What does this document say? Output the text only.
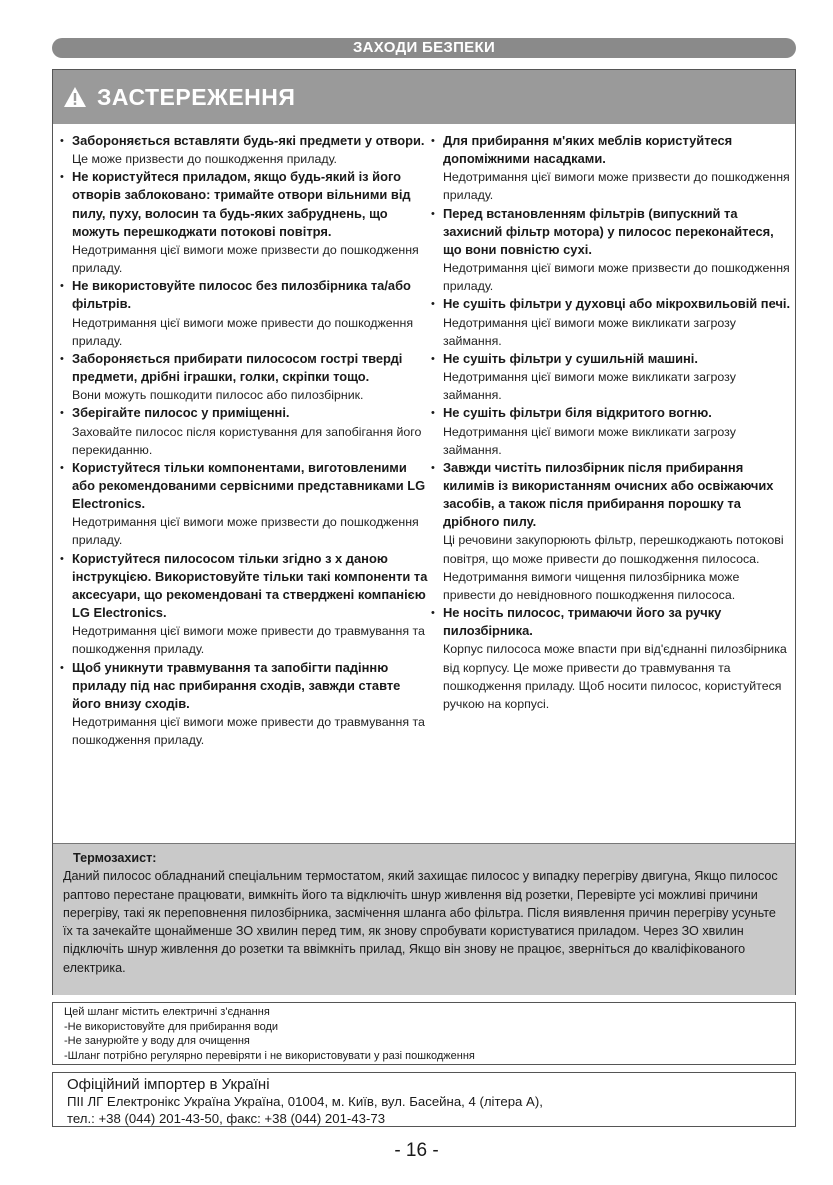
ЗАХОДИ БЕЗПЕКИ
ЗАСТЕРЕЖЕННЯ
• Забороняється вставляти будь-які предмети у отвори.
Це може призвести до пошкодження приладу.
• Не користуйтеся приладом, якщо будь-який із його отворів заблоковано: тримайте отвори вільними від пилу, пуху, волосин та будь-яких забруднень, що можуть перешкоджати потокові повітря.
Недотримання цієї вимоги може призвести до пошкодження приладу.
• Не використовуйте пилосос без пилозбірника та/або фільтрів.
Недотримання цієї вимоги може привести до пошкодження приладу.
• Забороняється прибирати пилососом гострі тверді предмети, дрібні іграшки, голки, скріпки тощо.
Вони можуть пошкодити пилосос або пилозбірник.
• Зберігайте пилосос у приміщенні.
Заховайте пилосос після користування для запобігання його перекиданню.
• Користуйтеся тільки компонентами, виготовленими або рекомендованими сервісними представниками LG Electronics.
Недотримання цієї вимоги може призвести до пошкодження приладу.
• Користуйтеся пилососом тільки згідно з х даною інструкцією. Використовуйте тільки такі компоненти та аксесуари, що рекомендовані та стверджені компанією LG Electronics.
Недотримання цієї вимоги може привести до травмування та пошкодження приладу.
• Щоб уникнути травмування та запобігти падінню приладу під нас прибирання сходів, завжди ставте його внизу сходів.
Недотримання цієї вимоги може привести до травмування та пошкодження приладу.
• Для прибирання м'яких меблів користуйтеся допоміжними насадками.
Недотримання цієї вимоги може призвести до пошкодження приладу.
• Перед встановленням фільтрів (випускний та захисний фільтр мотора) у пилосос переконайтеся, що вони повністю сухі.
Недотримання цієї вимоги може призвести до пошкодження приладу.
• Не сушіть фільтри у духовці або мікрохвильовій печі.
Недотримання цієї вимоги може викликати загрозу займання.
• Не сушіть фільтри у сушильній машині.
Недотримання цієї вимоги може викликати загрозу займання.
• Не сушіть фільтри біля відкритого вогню.
Недотримання цієї вимоги може викликати загрозу займання.
• Завжди чистіть пилозбірник після прибирання килимів із використанням очисних або освіжаючих засобів, а також після прибирання порошку та дрібного пилу.
Ці речовини закупорюють фільтр, перешкоджають потокові повітря, що може привести до пошкодження пилососа. Недотримання вимоги чищення пилозбірника може привести до невідновного пошкодження пилососа.
• Не носіть пилосос, тримаючи його за ручку пилозбірника.
Корпус пилососа може впасти при від'єднанні пилозбірника від корпусу. Це може привести до травмування та пошкодження приладу. Щоб носити пилосос, користуйтеся ручкою на корпусі.
Термозахист:
Даний пилосос обладнаний спеціальним термостатом, який захищає пилосос у випадку перегріву двигуна, Якщо пилосос раптово перестане працювати, вимкніть його та відключіть шнур живлення від розетки, Перевірте усі можливі причини перегріву, такі як переповнення пилозбірника, засмічення шланга або фільтра. Після виявлення причин перегріву усуньте їх та зачекайте щонайменше ЗО хвилин перед тим, як знову спробувати користуватися приладом. Через ЗО хвилин підключіть шнур живлення до розетки та ввімкніть прилад, Якщо він знову не працює, зверніться до кваліфікованого електрика.
Цей шланг містить електричні з'єднання
-Не використовуйте для прибирання води
-Не занурюйте у воду для очищення
-Шланг потрібно регулярно перевіряти і не використовувати у разі пошкодження
Офіційний імпортер в Україні
ПІІ ЛГ Електронікс Україна Україна, 01004, м. Київ, вул. Басейна, 4 (літера А),
тел.: +38 (044) 201-43-50, факс: +38 (044) 201-43-73
- 16 -
